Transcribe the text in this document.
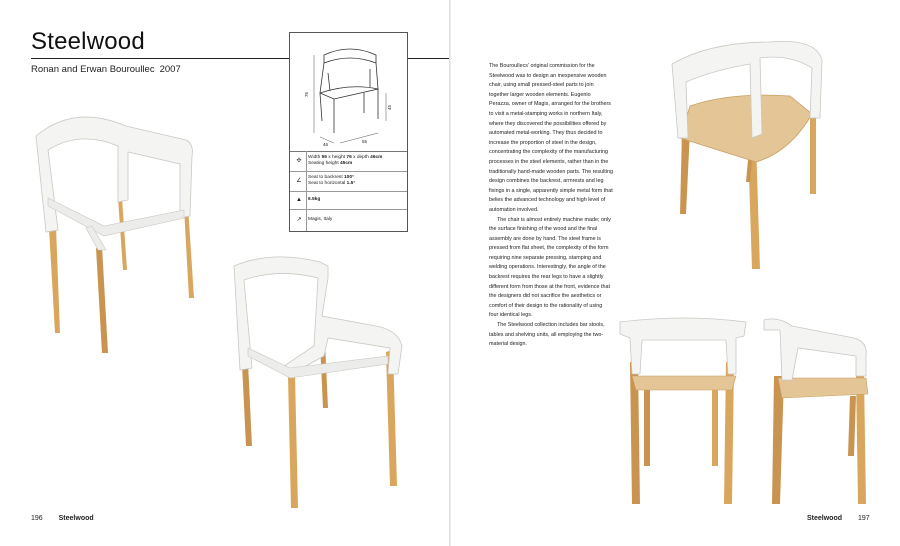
Steelwood
Ronan and Erwan Bouroullec 2007
76
45
46
55
✣
Width 55 x height 76 x depth 46cm
Seating height 45cm
∠
Seat to backrest 100°
Seat to horizontal 1.5°
▲	6.5kg
↗	Magis, Italy
196 Steelwood

The Bouroullecs' original commission for the Steelwood was to design an inexpensive wooden chair, using small pressed-steel parts to join together larger wooden elements. Eugenio Perazza, owner of Magis, arranged for the brothers to visit a metal-stamping works in northern Italy, where they discovered the possibilities offered by automated metal-working. They thus decided to increase the proportion of steel in the design, concentrating the complexity of the manufacturing processes in the steel elements, rather than in the traditionally hand-made wooden parts. The resulting design combines the backrest, armrests and leg fixings in a single, apparently simple metal form that belies the advanced technology and high level of automation involved.

The chair is almost entirely machine made; only the surface finishing of the wood and the final assembly are done by hand. The steel frame is pressed from flat sheet, the complexity of the form requiring nine separate pressing, stamping and welding operations. Interestingly, the angle of the backrest requires the rear legs to have a slightly different form from those at the front, evidence that the designers did not sacrifice the aesthetics or comfort of their design to the rationality of using four identical legs.

The Steelwood collection includes bar stools, tables and shelving units, all employing the two-material design.

Steelwood 197
